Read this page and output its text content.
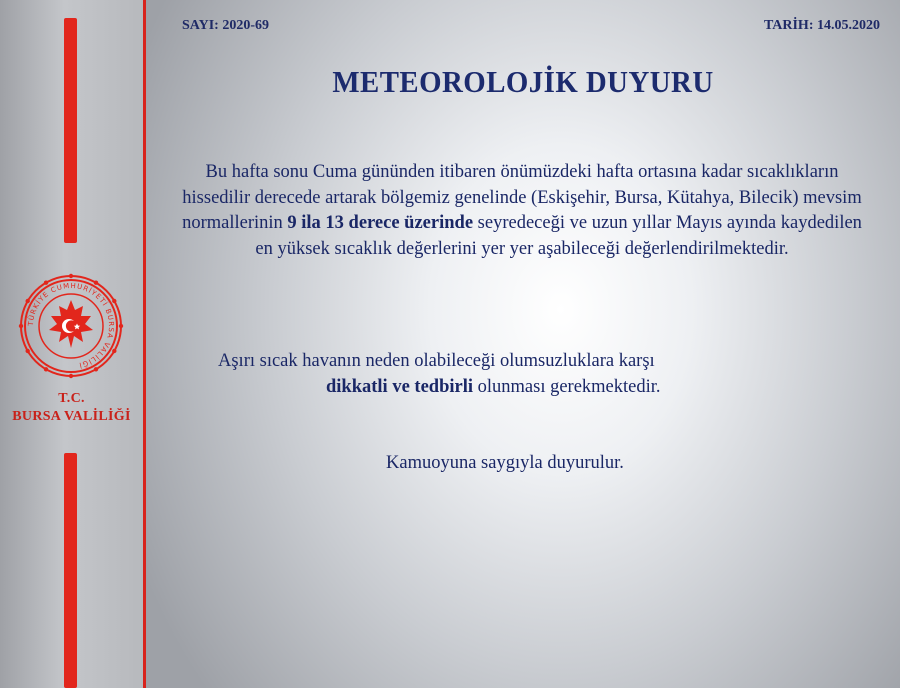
TÜRKİYE CUMHURİYETİ BURSA VALİLİĞİ
T.C.
BURSA VALİLİĞİ
SAYI: 2020-69	TARİH: 14.05.2020
METEOROLOJİK DUYURU
Bu hafta sonu Cuma gününden itibaren önümüzdeki hafta ortasına kadar sıcaklıkların hissedilir derecede artarak bölgemiz genelinde (Eskişehir, Bursa, Kütahya, Bilecik) mevsim normallerinin 9 ila 13 derece üzerinde seyredeceği ve uzun yıllar Mayıs ayında kaydedilen en yüksek sıcaklık değerlerini yer yer aşabileceği değerlendirilmektedir.
Aşırı sıcak havanın neden olabileceği olumsuzluklara karşı
dikkatli ve tedbirli olunması gerekmektedir.
Kamuoyuna saygıyla duyurulur.
